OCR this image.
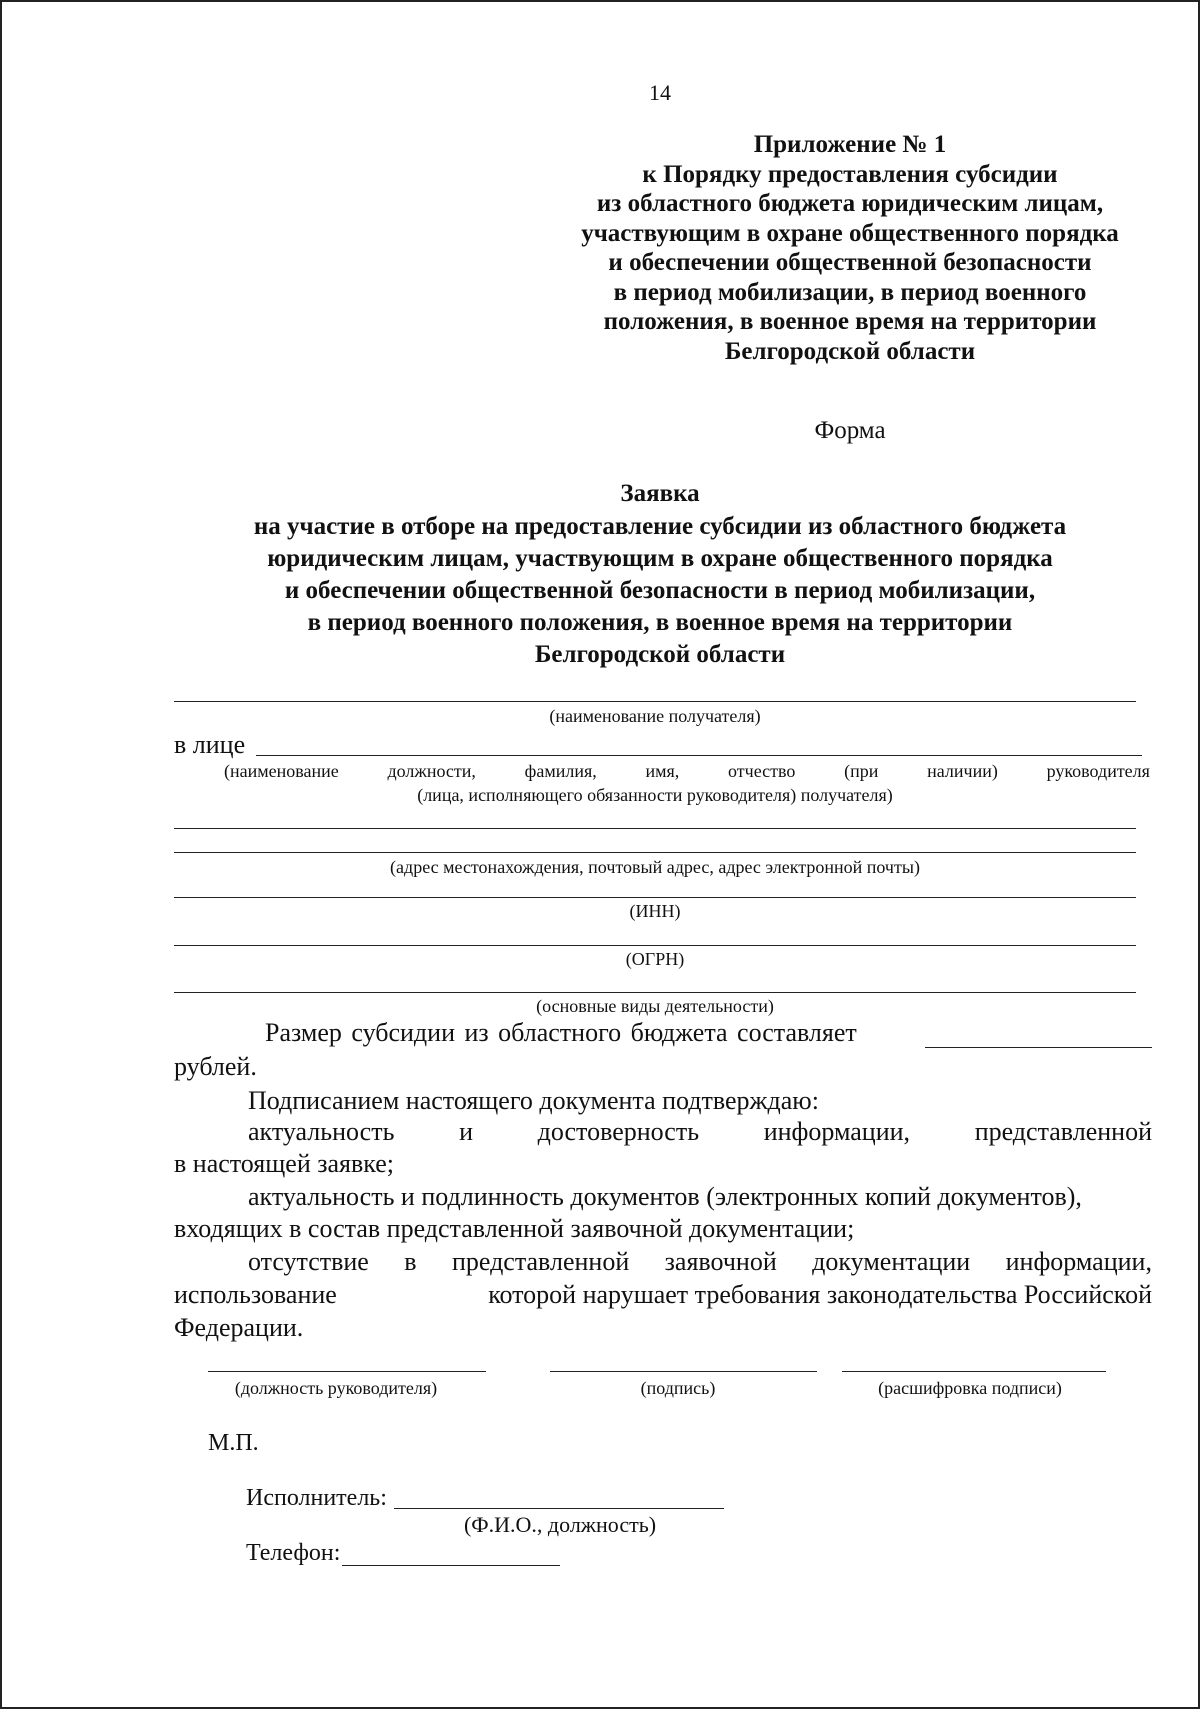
14
Приложение № 1
к Порядку предоставления субсидии
из областного бюджета юридическим лицам,
участвующим в охране общественного порядка
и обеспечении общественной безопасности
в период мобилизации, в период военного
положения, в военное время на территории
Белгородской области
Форма
Заявка
на участие в отборе на предоставление субсидии из областного бюджета
юридическим лицам, участвующим в охране общественного порядка
и обеспечении общественной безопасности в период мобилизации,
в период военного положения, в военное время на территории
Белгородской области
(наименование получателя)
в лице
(наименование	должности,	фамилия,	имя,	отчество	(при	наличии)	руководителя
(лица, исполняющего обязанности руководителя) получателя)
(адрес местонахождения, почтовый адрес, адрес электронной почты)
(ИНН)
(ОГРН)
(основные виды деятельности)
Размер субсидии из областного бюджета составляет
рублей.
Подписанием настоящего документа подтверждаю:
актуальность и достоверность информации, представленной
в настоящей заявке;
актуальность и подлинность документов (электронных копий документов),
входящих в состав представленной заявочной документации;
отсутствие в представленной заявочной документации информации,
использование	которой нарушает требования законодательства Российской
Федерации.
(должность руководителя)	(подпись)	(расшифровка подписи)
М.П.
Исполнитель:
(Ф.И.О., должность)
Телефон:
